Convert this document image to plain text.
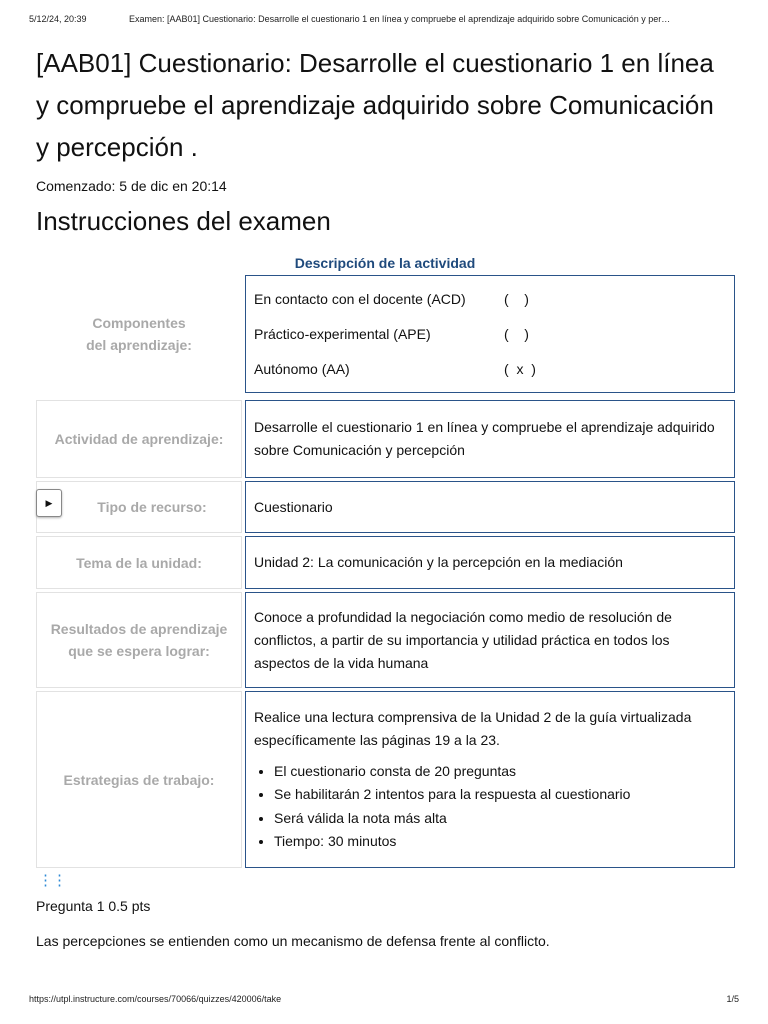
5/12/24, 20:39	Examen: [AAB01] Cuestionario: Desarrolle el cuestionario 1 en línea y compruebe el aprendizaje adquirido sobre Comunicación y per…
[AAB01] Cuestionario: Desarrolle el cuestionario 1 en línea y compruebe el aprendizaje adquirido sobre Comunicación y percepción .
Comenzado: 5 de dic en 20:14
Instrucciones del examen
Descripción de la actividad
Componentes del aprendizaje:
En contacto con el docente (ACD)	(    )
Práctico-experimental (APE)	(    )
Autónomo (AA)	(  x  )
Actividad de aprendizaje:
Desarrolle el cuestionario 1 en línea y compruebe el aprendizaje adquirido sobre Comunicación y percepción
Tipo de recurso:
▶	Cuestionario
Tema de la unidad:	Unidad 2: La comunicación y la percepción en la mediación
Resultados de aprendizaje que se espera lograr:
Conoce a profundidad la negociación como medio de resolución de conflictos, a partir de su importancia y utilidad práctica en todos los aspectos de la vida humana
Estrategias de trabajo:
Realice una lectura comprensiva de la Unidad 2 de la guía virtualizada específicamente las páginas 19 a la 23.
• El cuestionario consta de 20 preguntas
• Se habilitarán 2 intentos para la respuesta al cuestionario
• Será válida la nota más alta
• Tiempo: 30 minutos
⋮⋮
Pregunta 1 0.5 pts
Las percepciones se entienden como un mecanismo de defensa frente al conflicto.
https://utpl.instructure.com/courses/70066/quizzes/420006/take	1/5
